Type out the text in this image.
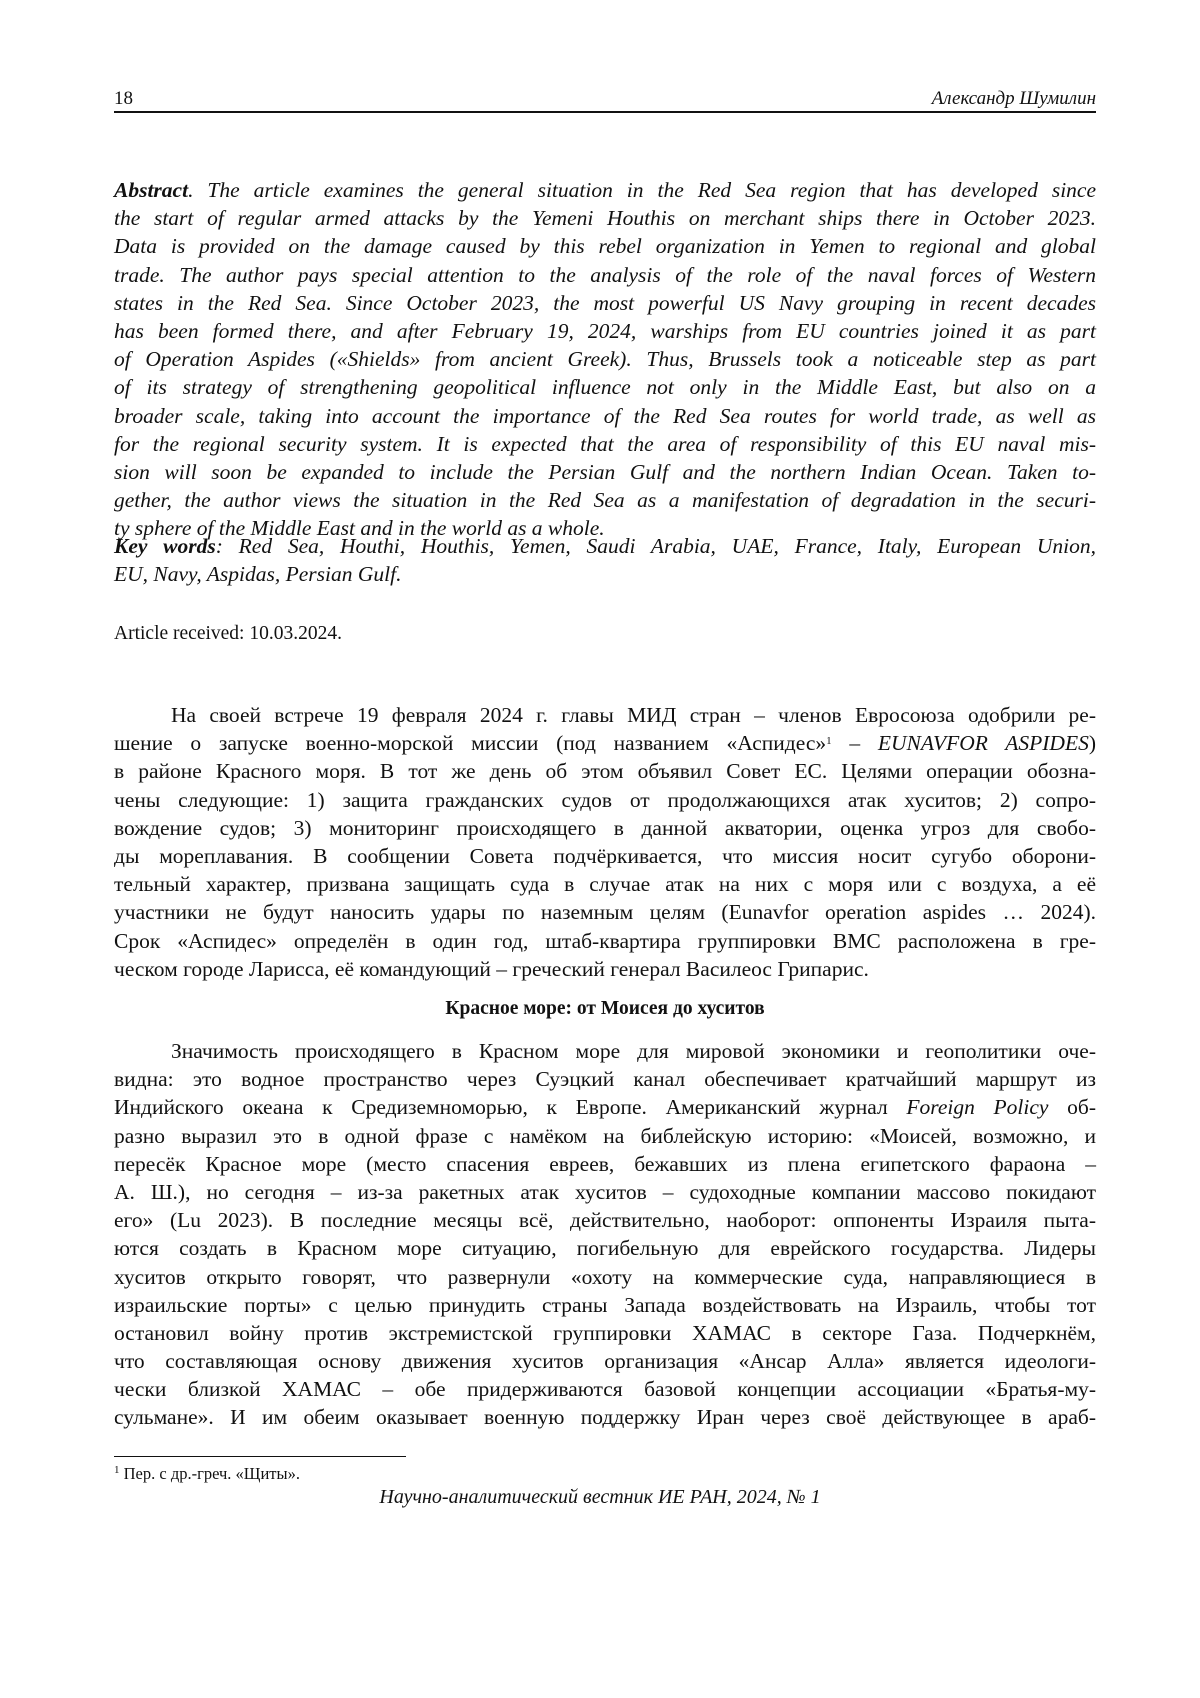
18	Александр Шумилин
Abstract. The article examines the general situation in the Red Sea region that has developed since
the start of regular armed attacks by the Yemeni Houthis on merchant ships there in October 2023.
Data is provided on the damage caused by this rebel organization in Yemen to regional and global
trade. The author pays special attention to the analysis of the role of the naval forces of Western
states in the Red Sea. Since October 2023, the most powerful US Navy grouping in recent decades
has been formed there, and after February 19, 2024, warships from EU countries joined it as part
of Operation Aspides («Shields» from ancient Greek). Thus, Brussels took a noticeable step as part
of its strategy of strengthening geopolitical influence not only in the Middle East, but also on a
broader scale, taking into account the importance of the Red Sea routes for world trade, as well as
for the regional security system. It is expected that the area of responsibility of this EU naval mis-
sion will soon be expanded to include the Persian Gulf and the northern Indian Ocean. Taken to-
gether, the author views the situation in the Red Sea as a manifestation of degradation in the securi-
ty sphere of the Middle East and in the world as a whole.
Key words: Red Sea, Houthi, Houthis, Yemen, Saudi Arabia, UAE, France, Italy, European Union,
EU, Navy, Aspidas, Persian Gulf.
Article received: 10.03.2024.
На своей встрече 19 февраля 2024 г. главы МИД стран – членов Евросоюза одобрили ре-
шение о запуске военно-морской миссии (под названием «Аспидес»$^1$ – EUNAVFOR ASPIDES)
в районе Красного моря. В тот же день об этом объявил Совет ЕС. Целями операции обозна-
чены следующие: 1) защита гражданских судов от продолжающихся атак хуситов; 2) сопро-
вождение судов; 3) мониторинг происходящего в данной акватории, оценка угроз для свобо-
ды мореплавания. В сообщении Совета подчёркивается, что миссия носит сугубо оборони-
тельный характер, призвана защищать суда в случае атак на них с моря или с воздуха, а её
участники не будут наносить удары по наземным целям (Eunavfor operation aspides … 2024).
Срок «Аспидес» определён в один год, штаб-квартира группировки ВМС расположена в гре-
ческом городе Ларисса, её командующий – греческий генерал Василеос Грипарис.
Красное море: от Моисея до хуситов
Значимость происходящего в Красном море для мировой экономики и геополитики оче-
видна: это водное пространство через Суэцкий канал обеспечивает кратчайший маршрут из
Индийского океана к Средиземноморью, к Европе. Американский журнал Foreign Policy об-
разно выразил это в одной фразе с намёком на библейскую историю: «Моисей, возможно, и
пересёк Красное море (место спасения евреев, бежавших из плена египетского фараона –
А. Ш.), но сегодня – из-за ракетных атак хуситов – судоходные компании массово покидают
его» (Lu 2023). В последние месяцы всё, действительно, наоборот: оппоненты Израиля пыта-
ются создать в Красном море ситуацию, погибельную для еврейского государства. Лидеры
хуситов открыто говорят, что развернули «охоту на коммерческие суда, направляющиеся в
израильские порты» с целью принудить страны Запада воздействовать на Израиль, чтобы тот
остановил войну против экстремистской группировки ХАМАС в секторе Газа. Подчеркнём,
что составляющая основу движения хуситов организация «Ансар Алла» является идеологи-
чески близкой ХАМАС – обе придерживаются базовой концепции ассоциации «Братья-му-
сульмане». И им обеим оказывает военную поддержку Иран через своё действующее в араб-
$^1$ Пер. с др.-греч. «Щиты».
Научно-аналитический вестник ИЕ РАН, 2024, № 1
